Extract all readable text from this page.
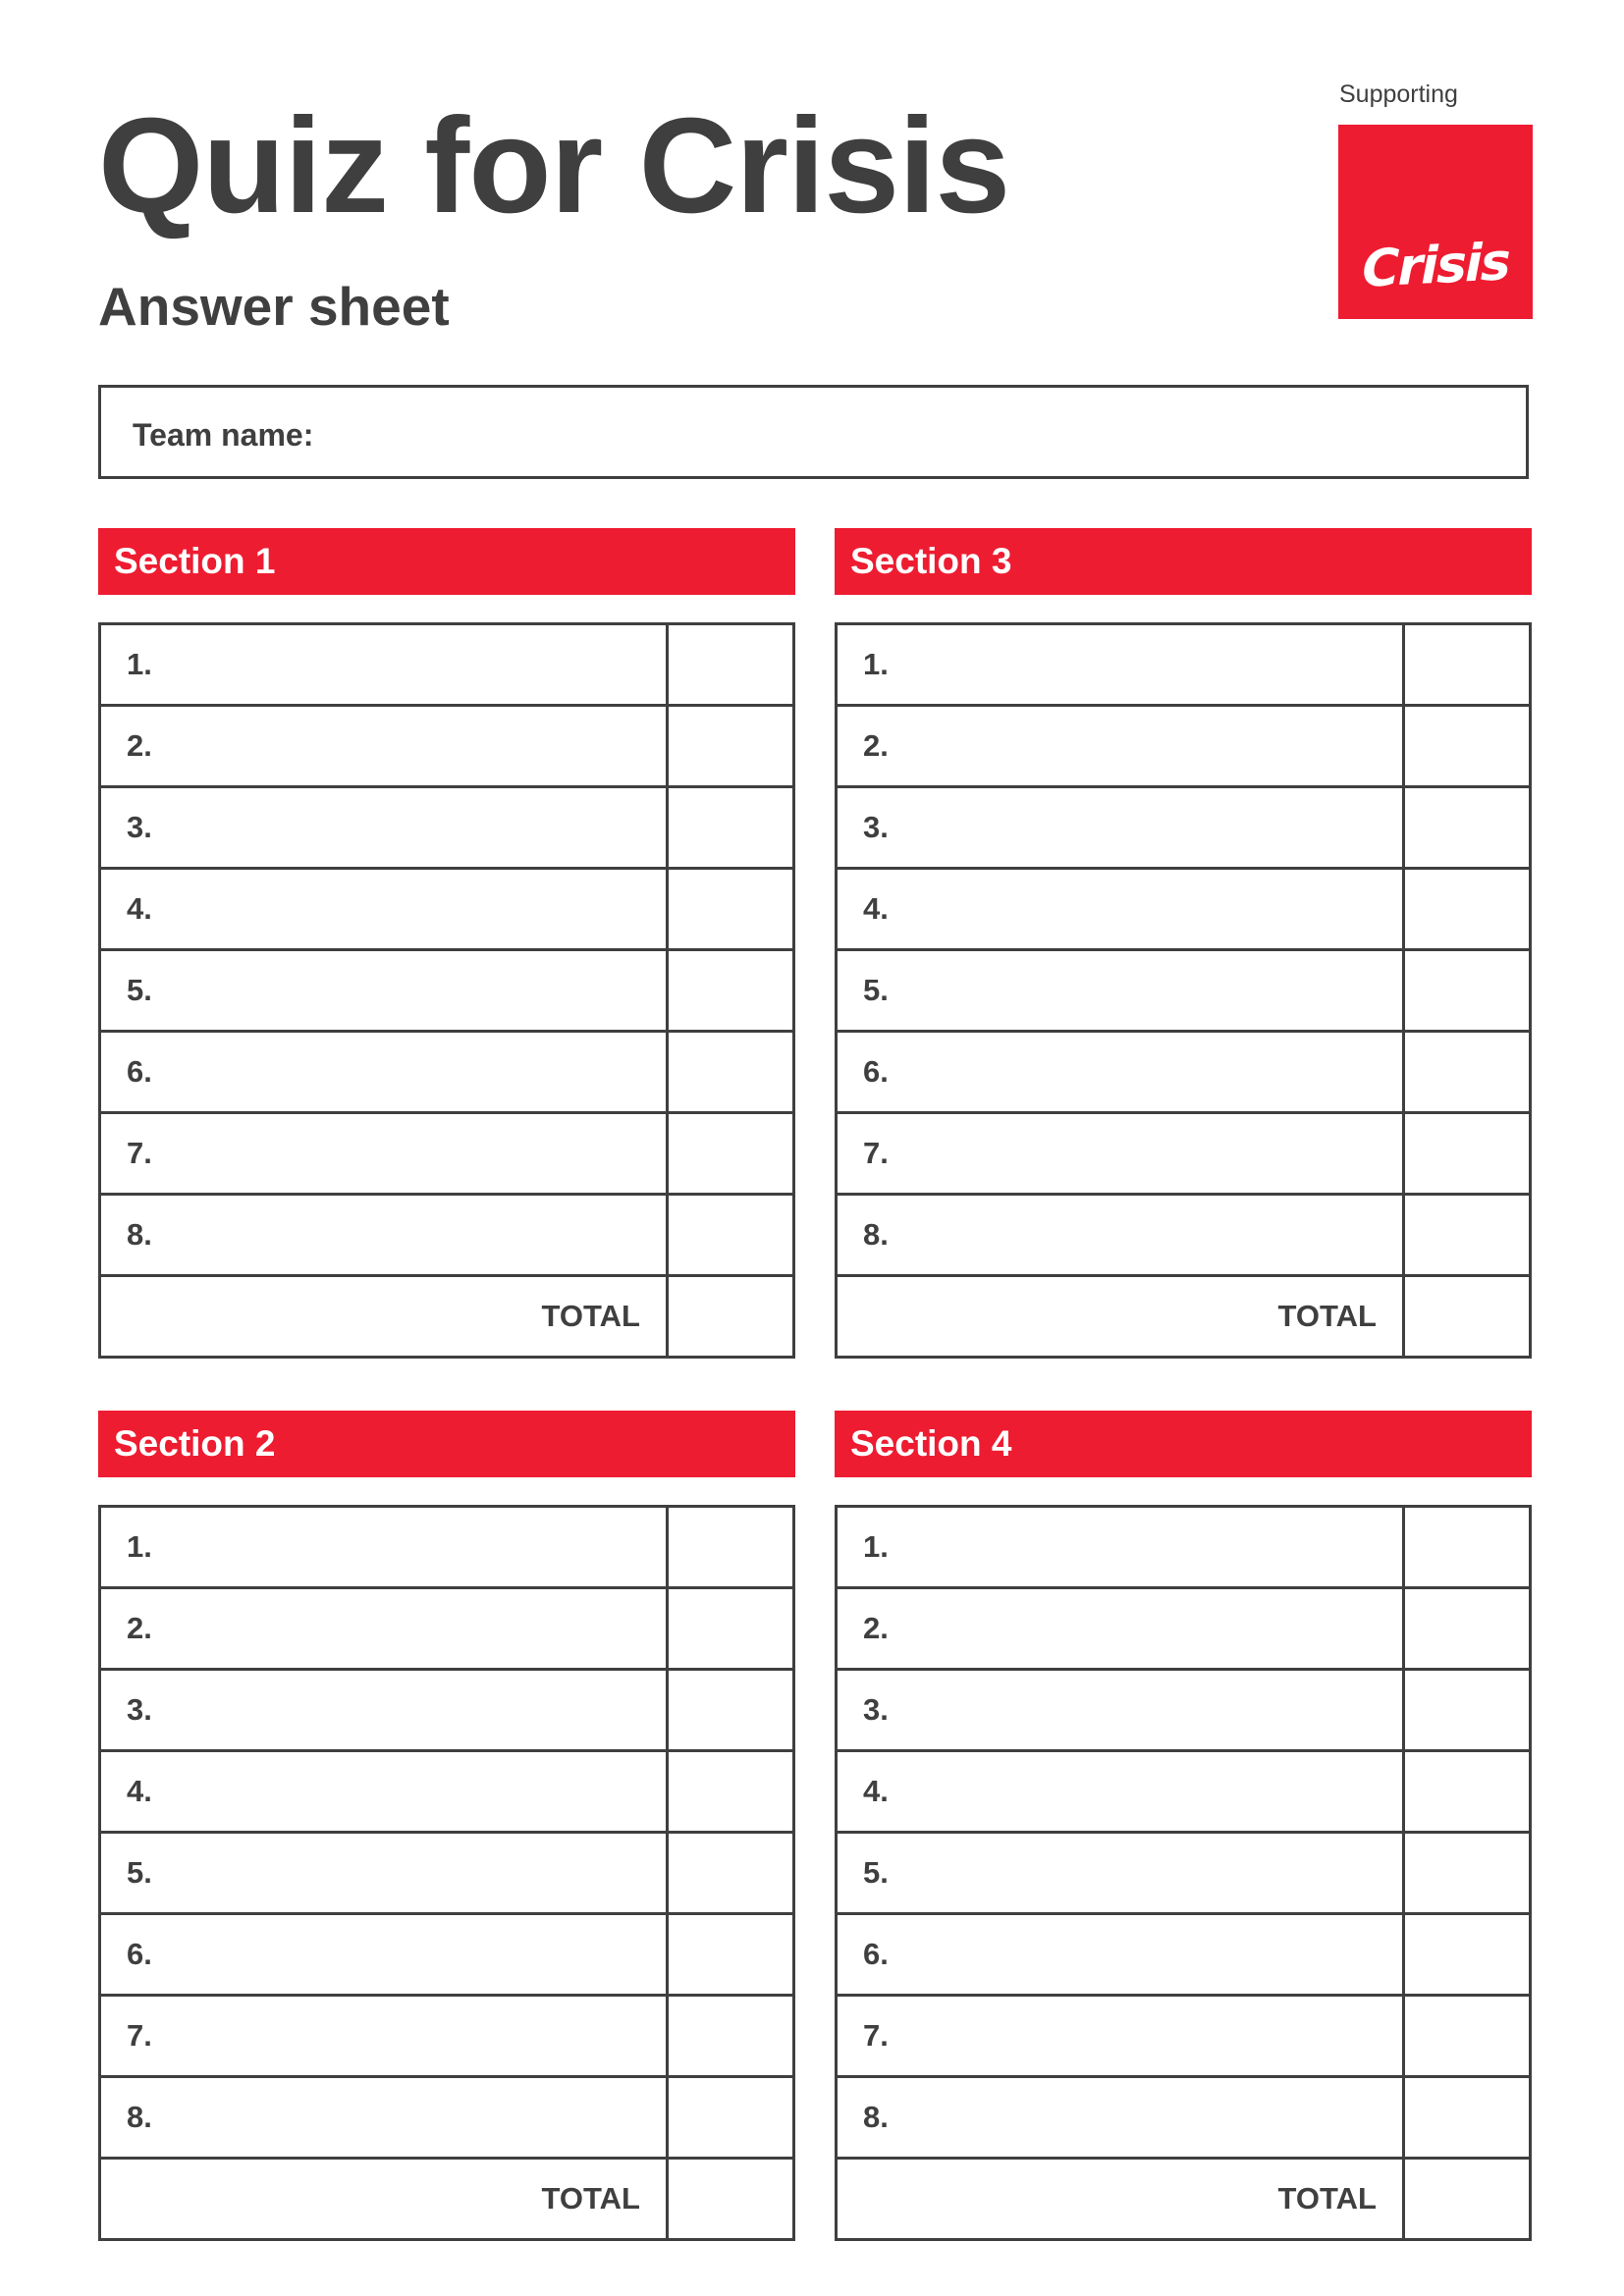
Quiz for Crisis
Answer sheet
Supporting
Crisis
Team name:
Section 1
1.
2.
3.
4.
5.
6.
7.
8.
TOTAL
Section 3
1.
2.
3.
4.
5.
6.
7.
8.
TOTAL
Section 2
1.
2.
3.
4.
5.
6.
7.
8.
TOTAL
Section 4
1.
2.
3.
4.
5.
6.
7.
8.
TOTAL
